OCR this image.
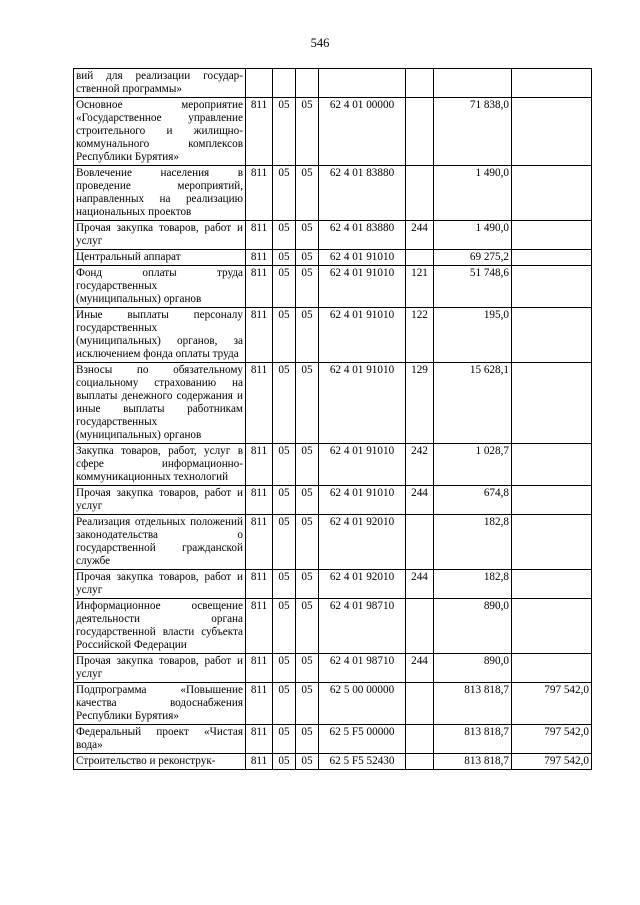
546
вий для реализации государ-ственной программы»							
Основное мероприятие «Государственное управление строительного и жилищно-коммунального комплексов Республики Бурятия»	811	05	05	62 4 01 00000		71 838,0	
Вовлечение населения в проведение мероприятий, направленных на реализацию национальных проектов	811	05	05	62 4 01 83880		1 490,0	
Прочая закупка товаров, работ и услуг	811	05	05	62 4 01 83880	244	1 490,0	
Центральный аппарат	811	05	05	62 4 01 91010		69 275,2	
Фонд оплаты труда государственных (муниципальных) органов	811	05	05	62 4 01 91010	121	51 748,6	
Иные выплаты персоналу государственных (муниципальных) органов, за исключением фонда оплаты труда	811	05	05	62 4 01 91010	122	195,0	
Взносы по обязательному социальному страхованию на выплаты денежного содержания и иные выплаты работникам государственных (муниципальных) органов	811	05	05	62 4 01 91010	129	15 628,1	
Закупка товаров, работ, услуг в сфере информационно-коммуникационных технологий	811	05	05	62 4 01 91010	242	1 028,7	
Прочая закупка товаров, работ и услуг	811	05	05	62 4 01 91010	244	674,8	
Реализация отдельных положений законодательства о государственной гражданской службе	811	05	05	62 4 01 92010		182,8	
Прочая закупка товаров, работ и услуг	811	05	05	62 4 01 92010	244	182,8	
Информационное освещение деятельности органа государственной власти субъекта Российской Федерации	811	05	05	62 4 01 98710		890,0	
Прочая закупка товаров, работ и услуг	811	05	05	62 4 01 98710	244	890,0	
Подпрограмма «Повышение качества водоснабжения Республики Бурятия»	811	05	05	62 5 00 00000		813 818,7	797 542,0
Федеральный проект «Чистая вода»	811	05	05	62 5 F5 00000		813 818,7	797 542,0
Строительство и реконструк-	811	05	05	62 5 F5 52430		813 818,7	797 542,0
